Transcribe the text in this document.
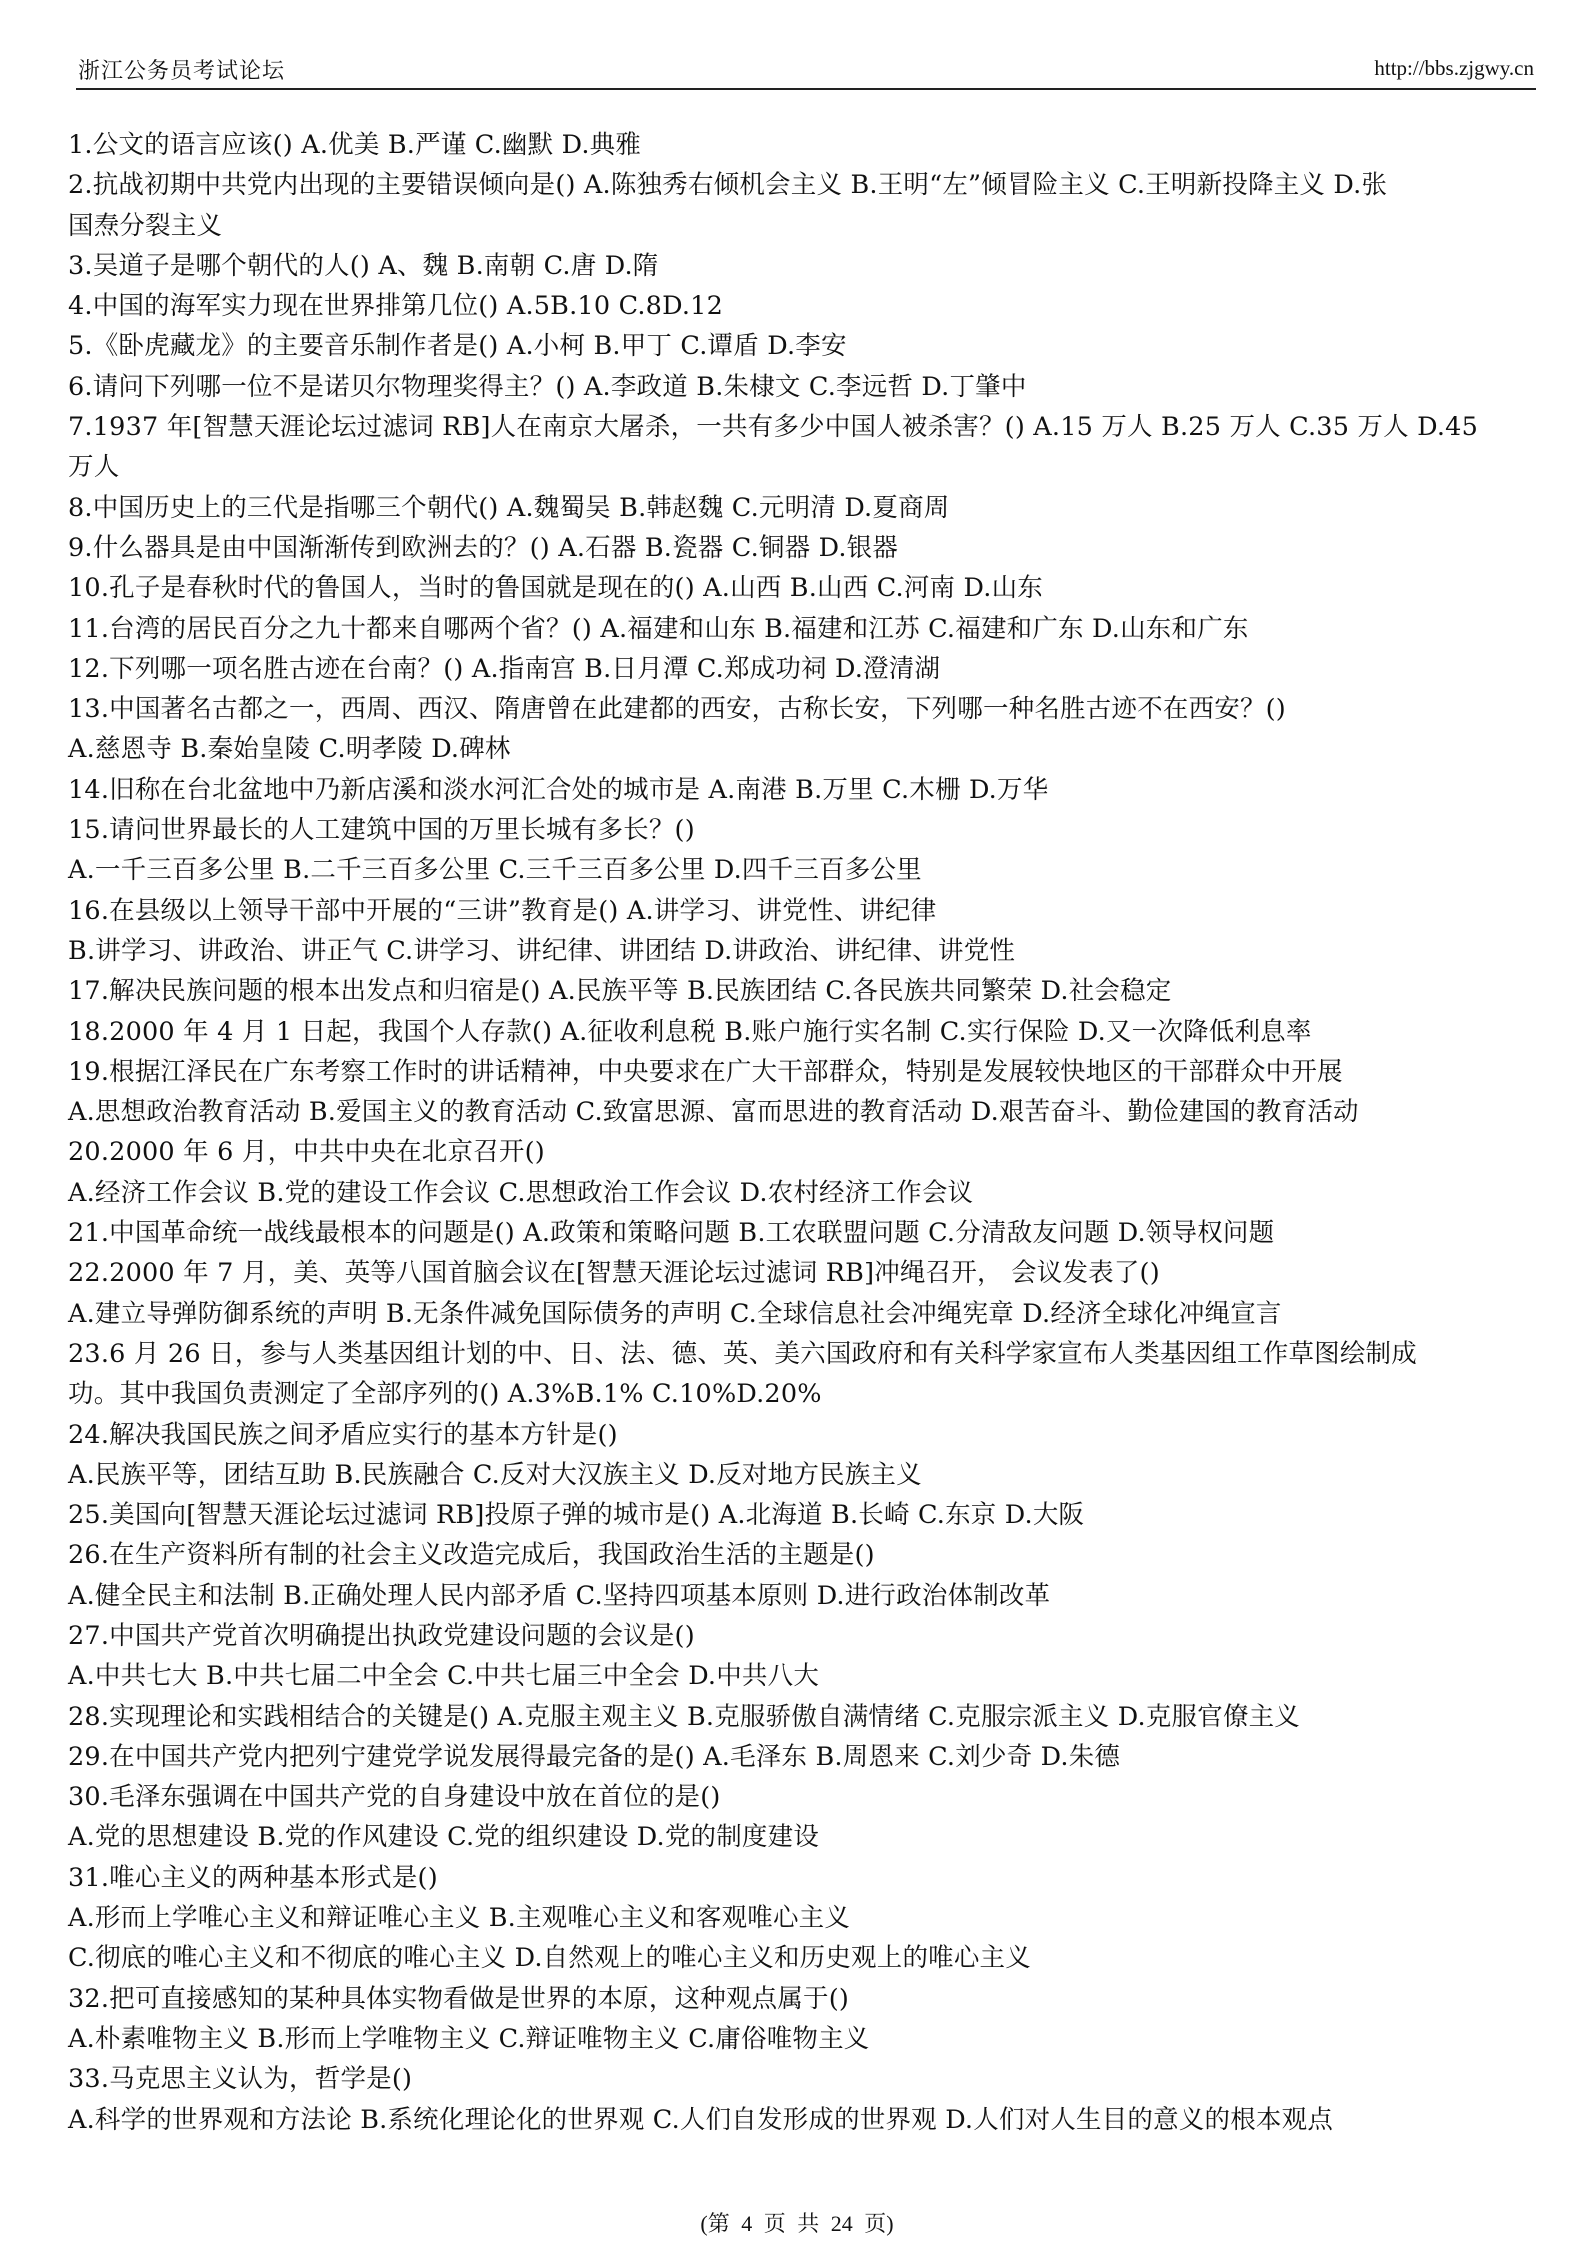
浙江公务员考试论坛	http://bbs.zjgwy.cn
1.公文的语言应该() A.优美 B.严谨 C.幽默 D.典雅
2.抗战初期中共党内出现的主要错误倾向是() A.陈独秀右倾机会主义 B.王明“左”倾冒险主义 C.王明新投降主义 D.张
国焘分裂主义
3.吴道子是哪个朝代的人() A、魏 B.南朝 C.唐 D.隋
4.中国的海军实力现在世界排第几位() A.5B.10 C.8D.12
5.《卧虎藏龙》的主要音乐制作者是() A.小柯 B.甲丁 C.谭盾 D.李安
6.请问下列哪一位不是诺贝尔物理奖得主？() A.李政道 B.朱棣文 C.李远哲 D.丁肇中
7.1937 年[智慧天涯论坛过滤词 RB]人在南京大屠杀，一共有多少中国人被杀害？() A.15 万人 B.25 万人 C.35 万人 D.45
万人
8.中国历史上的三代是指哪三个朝代() A.魏蜀吴 B.韩赵魏 C.元明清 D.夏商周
9.什么器具是由中国渐渐传到欧洲去的？() A.石器 B.瓷器 C.铜器 D.银器
10.孔子是春秋时代的鲁国人，当时的鲁国就是现在的() A.山西 B.山西 C.河南 D.山东
11.台湾的居民百分之九十都来自哪两个省？() A.福建和山东 B.福建和江苏 C.福建和广东 D.山东和广东
12.下列哪一项名胜古迹在台南？() A.指南宫 B.日月潭 C.郑成功祠 D.澄清湖
13.中国著名古都之一，西周、西汉、隋唐曾在此建都的西安，古称长安，下列哪一种名胜古迹不在西安？()
A.慈恩寺 B.秦始皇陵 C.明孝陵 D.碑林
14.旧称在台北盆地中乃新店溪和淡水河汇合处的城市是 A.南港 B.万里 C.木栅 D.万华
15.请问世界最长的人工建筑中国的万里长城有多长？()
A.一千三百多公里 B.二千三百多公里 C.三千三百多公里 D.四千三百多公里
16.在县级以上领导干部中开展的“三讲”教育是() A.讲学习、讲党性、讲纪律
B.讲学习、讲政治、讲正气 C.讲学习、讲纪律、讲团结 D.讲政治、讲纪律、讲党性
17.解决民族问题的根本出发点和归宿是() A.民族平等 B.民族团结 C.各民族共同繁荣 D.社会稳定
18.2000 年 4 月 1 日起，我国个人存款() A.征收利息税 B.账户施行实名制 C.实行保险 D.又一次降低利息率
19.根据江泽民在广东考察工作时的讲话精神，中央要求在广大干部群众，特别是发展较快地区的干部群众中开展
A.思想政治教育活动 B.爱国主义的教育活动 C.致富思源、富而思进的教育活动 D.艰苦奋斗、勤俭建国的教育活动
20.2000 年 6 月，中共中央在北京召开()
A.经济工作会议 B.党的建设工作会议 C.思想政治工作会议 D.农村经济工作会议
21.中国革命统一战线最根本的问题是() A.政策和策略问题 B.工农联盟问题 C.分清敌友问题 D.领导权问题
22.2000 年 7 月，美、英等八国首脑会议在[智慧天涯论坛过滤词 RB]冲绳召开， 会议发表了()
A.建立导弹防御系统的声明 B.无条件减免国际债务的声明 C.全球信息社会冲绳宪章 D.经济全球化冲绳宣言
23.6 月 26 日，参与人类基因组计划的中、日、法、德、英、美六国政府和有关科学家宣布人类基因组工作草图绘制成
功。其中我国负责测定了全部序列的() A.3%B.1% C.10%D.20%
24.解决我国民族之间矛盾应实行的基本方针是()
A.民族平等，团结互助 B.民族融合 C.反对大汉族主义 D.反对地方民族主义
25.美国向[智慧天涯论坛过滤词 RB]投原子弹的城市是() A.北海道 B.长崎 C.东京 D.大阪
26.在生产资料所有制的社会主义改造完成后，我国政治生活的主题是()
A.健全民主和法制 B.正确处理人民内部矛盾 C.坚持四项基本原则 D.进行政治体制改革
27.中国共产党首次明确提出执政党建设问题的会议是()
A.中共七大 B.中共七届二中全会 C.中共七届三中全会 D.中共八大
28.实现理论和实践相结合的关键是() A.克服主观主义 B.克服骄傲自满情绪 C.克服宗派主义 D.克服官僚主义
29.在中国共产党内把列宁建党学说发展得最完备的是() A.毛泽东 B.周恩来 C.刘少奇 D.朱德
30.毛泽东强调在中国共产党的自身建设中放在首位的是()
A.党的思想建设 B.党的作风建设 C.党的组织建设 D.党的制度建设
31.唯心主义的两种基本形式是()
A.形而上学唯心主义和辩证唯心主义 B.主观唯心主义和客观唯心主义
C.彻底的唯心主义和不彻底的唯心主义 D.自然观上的唯心主义和历史观上的唯心主义
32.把可直接感知的某种具体实物看做是世界的本原，这种观点属于()
A.朴素唯物主义 B.形而上学唯物主义 C.辩证唯物主义 C.庸俗唯物主义
33.马克思主义认为，哲学是()
A.科学的世界观和方法论 B.系统化理论化的世界观 C.人们自发形成的世界观 D.人们对人生目的意义的根本观点
(第 4 页 共 24 页)
